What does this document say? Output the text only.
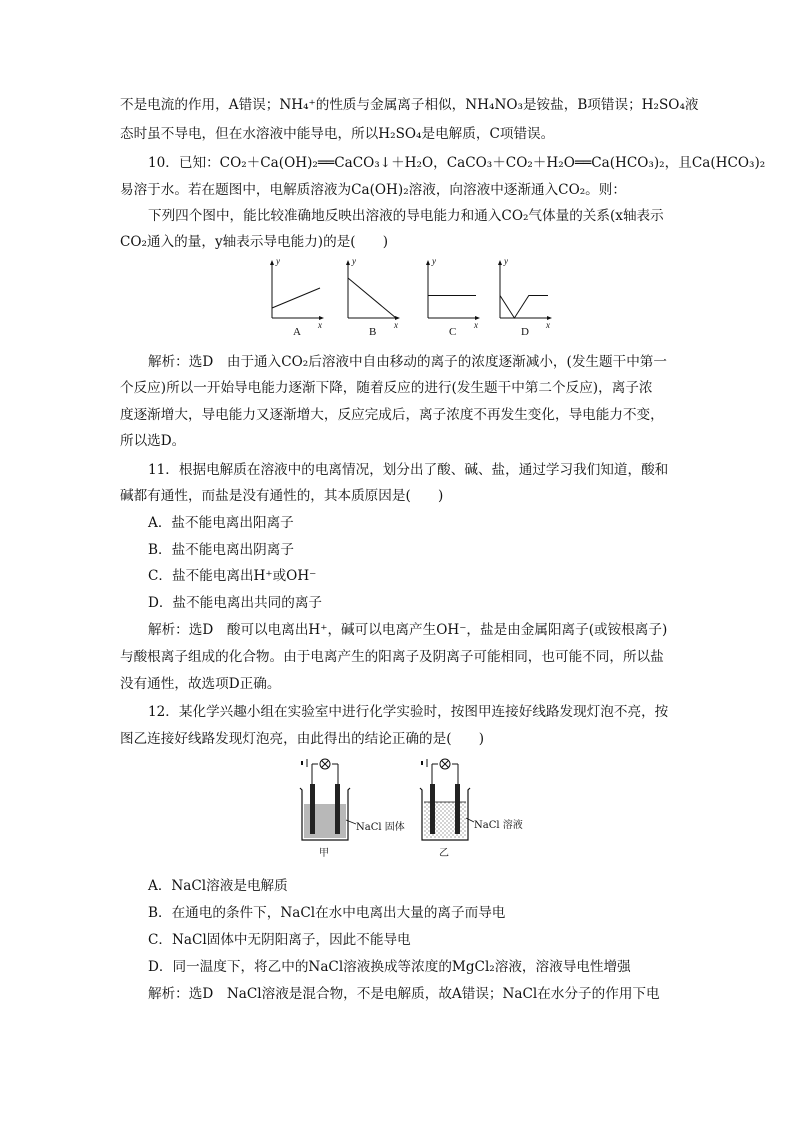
不是电流的作用，A错误；NH₄⁺的性质与金属离子相似，NH₄NO₃是铵盐，B项错误；H₂SO₄液
态时虽不导电，但在水溶液中能导电，所以H₂SO₄是电解质，C项错误。
10．已知：CO₂＋Ca(OH)₂══CaCO₃↓＋H₂O，CaCO₃＋CO₂＋H₂O══Ca(HCO₃)₂，且Ca(HCO₃)₂
易溶于水。若在题图中，电解质溶液为Ca(OH)₂溶液，向溶液中逐渐通入CO₂。则：
下列四个图中，能比较准确地反映出溶液的导电能力和通入CO₂气体量的关系(x轴表示
CO₂通入的量，y轴表示导电能力)的是(　　)
y
x
A
y
x
B
y
x
C
y
x
D
解析：选D　由于通入CO₂后溶液中自由移动的离子的浓度逐渐减小，(发生题干中第一
个反应)所以一开始导电能力逐渐下降，随着反应的进行(发生题干中第二个反应)，离子浓
度逐渐增大，导电能力又逐渐增大，反应完成后，离子浓度不再发生变化，导电能力不变，
所以选D。
11．根据电解质在溶液中的电离情况，划分出了酸、碱、盐，通过学习我们知道，酸和
碱都有通性，而盐是没有通性的，其本质原因是(　　)
A．盐不能电离出阳离子
B．盐不能电离出阴离子
C．盐不能电离出H⁺或OH⁻
D．盐不能电离出共同的离子
解析：选D　酸可以电离出H⁺，碱可以电离产生OH⁻，盐是由金属阳离子(或铵根离子)
与酸根离子组成的化合物。由于电离产生的阳离子及阴离子可能相同，也可能不同，所以盐
没有通性，故选项D正确。
12．某化学兴趣小组在实验室中进行化学实验时，按图甲连接好线路发现灯泡不亮，按
图乙连接好线路发现灯泡亮，由此得出的结论正确的是(　　)
NaCl 固体
甲
NaCl 溶液
乙
A．NaCl溶液是电解质
B．在通电的条件下，NaCl在水中电离出大量的离子而导电
C．NaCl固体中无阴阳离子，因此不能导电
D．同一温度下，将乙中的NaCl溶液换成等浓度的MgCl₂溶液，溶液导电性增强
解析：选D　NaCl溶液是混合物，不是电解质，故A错误；NaCl在水分子的作用下电
